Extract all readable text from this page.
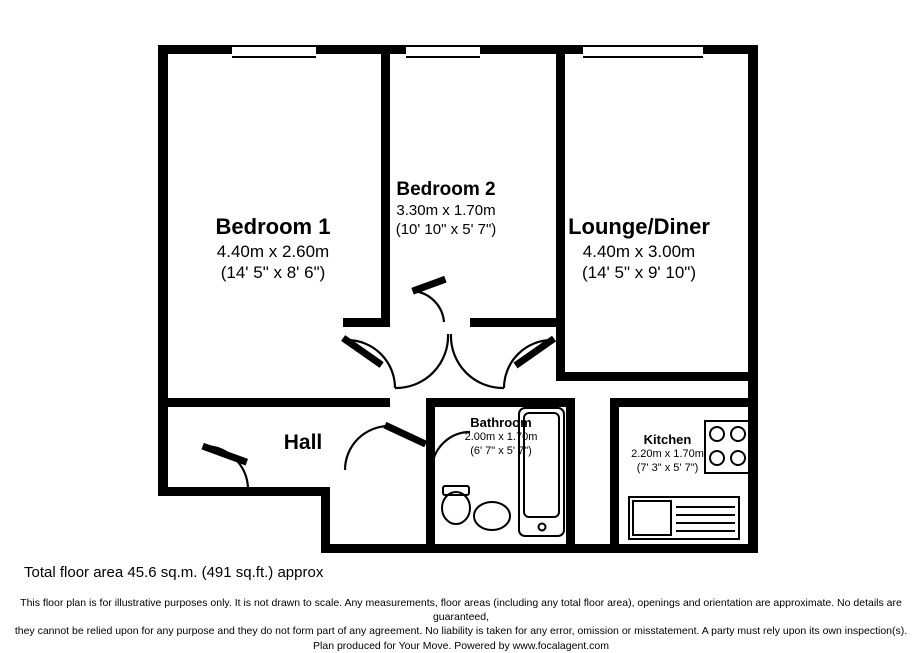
Bedroom 1
4.40m x 2.60m
(14' 5" x 8' 6")
Bedroom 2
3.30m x 1.70m
(10' 10" x 5' 7")	Lounge/Diner
4.40m x 3.00m
(14' 5" x 9' 10")
Bathroom
2.00m x 1.70m
(6' 7" x 5' 7")
Kitchen
2.20m x 1.70m
(7' 3" x 5' 7")
Hall
Total floor area 45.6 sq.m. (491 sq.ft.) approx
This floor plan is for illustrative purposes only. It is not drawn to scale. Any measurements, floor areas (including any total floor area), openings and orientation are approximate. No details are guaranteed,
they cannot be relied upon for any purpose and they do not form part of any agreement. No liability is taken for any error, omission or misstatement. A party must rely upon its own inspection(s).
Plan produced for Your Move. Powered by www.focalagent.com
